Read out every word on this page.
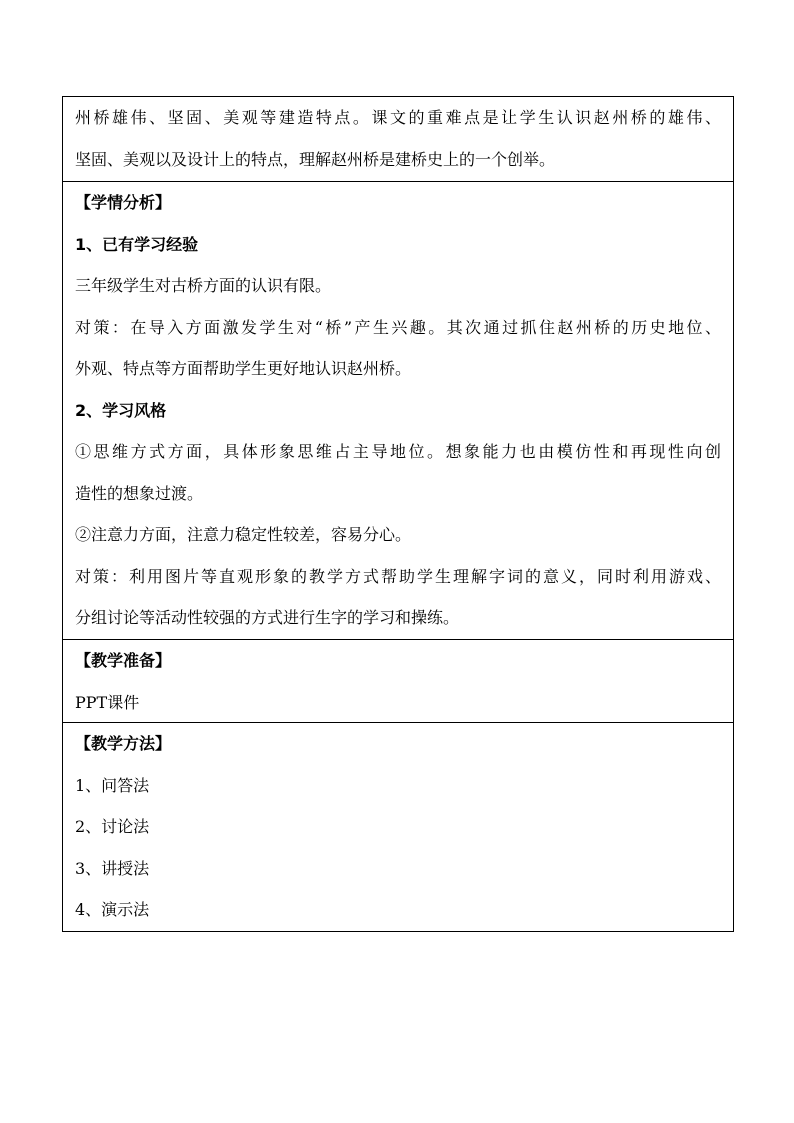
州桥雄伟、坚固、美观等建造特点。课文的重难点是让学生认识赵州桥的雄伟、
坚固、美观以及设计上的特点，理解赵州桥是建桥史上的一个创举。
【学情分析】
1、已有学习经验
三年级学生对古桥方面的认识有限。
对策：在导入方面激发学生对“桥”产生兴趣。其次通过抓住赵州桥的历史地位、
外观、特点等方面帮助学生更好地认识赵州桥。
2、学习风格
①思维方式方面，具体形象思维占主导地位。想象能力也由模仿性和再现性向创
造性的想象过渡。
②注意力方面，注意力稳定性较差，容易分心。
对策：利用图片等直观形象的教学方式帮助学生理解字词的意义，同时利用游戏、
分组讨论等活动性较强的方式进行生字的学习和操练。
【教学准备】
PPT课件
【教学方法】
1、问答法
2、讨论法
3、讲授法
4、演示法
